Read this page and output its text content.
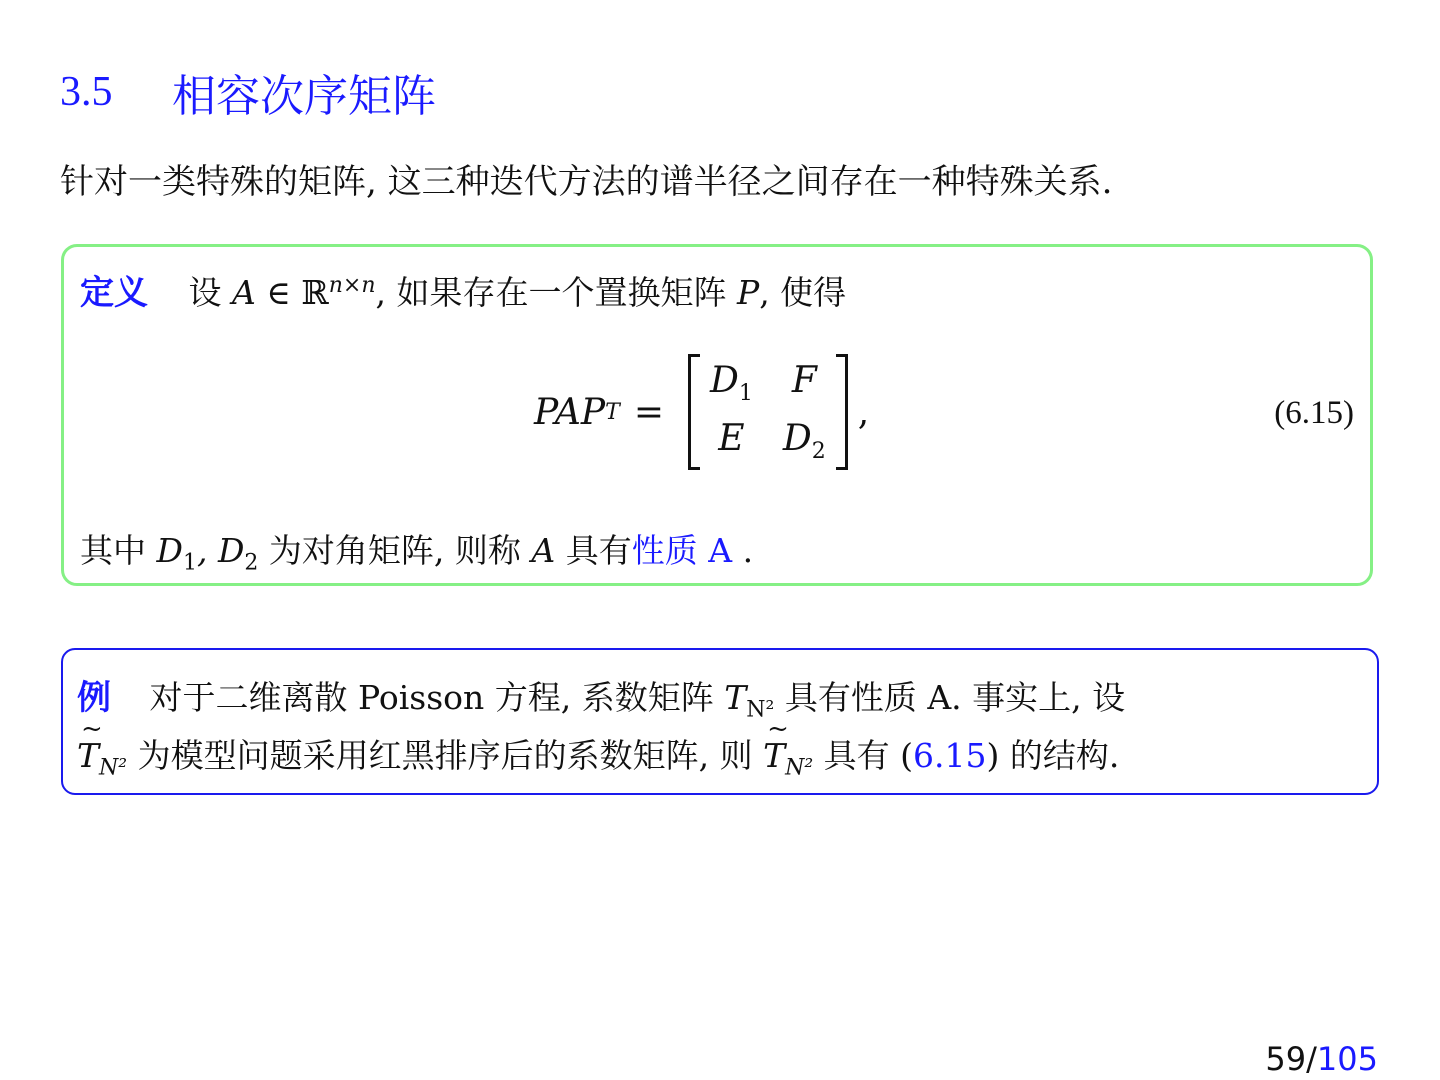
3.5	相容次序矩阵
针对一类特殊的矩阵, 这三种迭代方法的谱半径之间存在一种特殊关系.
定义 设 A ∈ ℝ$^{n\times n}$, 如果存在一个置换矩阵 P, 使得
PAP T =
$D_1$ F
E $D_2$
,	(6.15)
其中 $D_1$, $D_2$ 为对角矩阵, 则称 A 具有性质 A .
例 对于二维离散 Poisson 方程, 系数矩阵 $T_{N^2}$ 具有性质 A. 事实上, 设
~ $T_{N^2}$ 为模型问题采用红黑排序后的系数矩阵, 则 ~ $T_{N^2}$ 具有 (6.15) 的结构.
59/105
